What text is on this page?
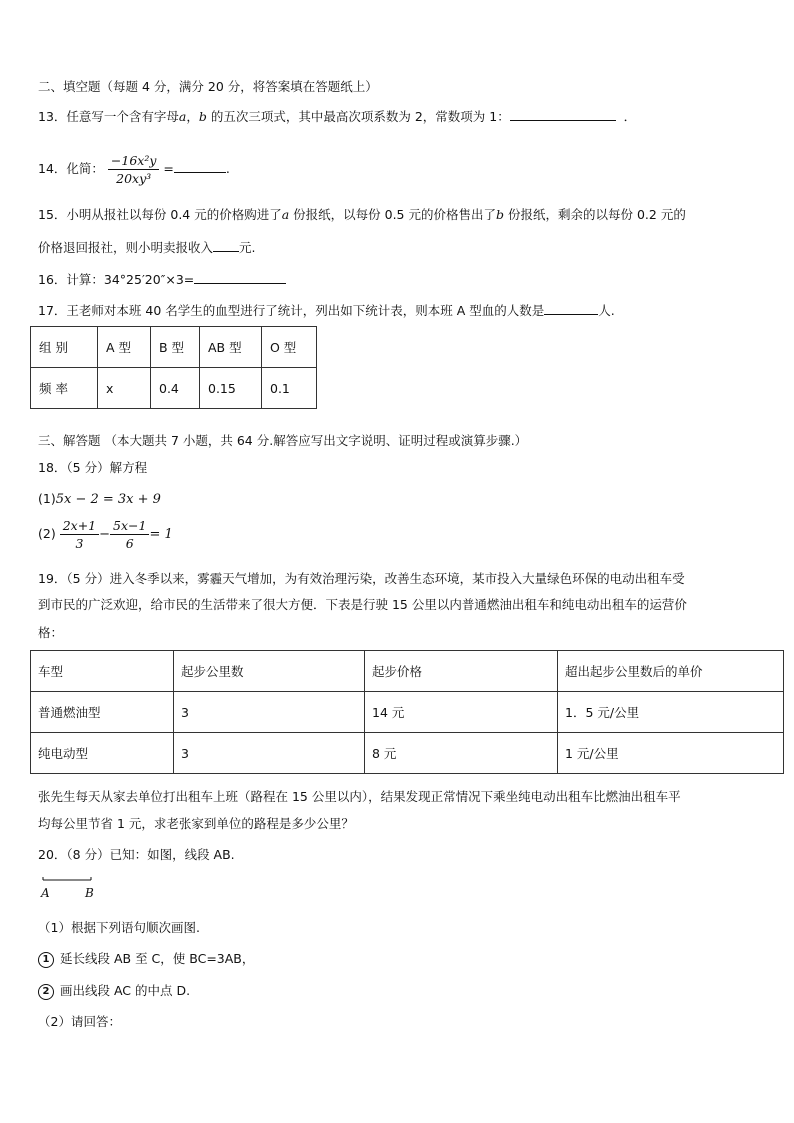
二、填空题（每题 4 分，满分 20 分，将答案填在答题纸上）
13．任意写一个含有字母a，b 的五次三项式，其中最高次项系数为 2，常数项为 1：	．
14．化简： $\frac{\text{−16x²y}}{\text{20xy³}}$ =	.
15．小明从报社以每份 0.4 元的价格购进了a 份报纸，以每份 0.5 元的价格售出了b 份报纸，剩余的以每份 0.2 元的
价格退回报社，则小明卖报收入 元.
16．计算：34°25′20″×3=
17．王老师对本班 40 名学生的血型进行了统计，列出如下统计表，则本班 A 型血的人数是	人.
组 别	A 型	B 型	AB 型	O 型
频 率	x	0.4	0.15	0.1
三、解答题 （本大题共 7 小题，共 64 分.解答应写出文字说明、证明过程或演算步骤.）
18．（5 分）解方程
(1)5x − 2 = 3x + 9
$(2) \frac{2x+1}{3} - \frac{5x-1}{6} = 1$
19．（5 分）进入冬季以来，雾霾天气增加，为有效治理污染，改善生态环境，某市投入大量绿色环保的电动出租车受
到市民的广泛欢迎，给市民的生活带来了很大方便．下表是行驶 15 公里以内普通燃油出租车和纯电动出租车的运营价
格：
车型	起步公里数	起步价格	超出起步公里数后的单价
普通燃油型	3	14 元	1．5 元/公里
纯电动型	3	8 元	1 元/公里
张先生每天从家去单位打出租车上班（路程在 15 公里以内），结果发现正常情况下乘坐纯电动出租车比燃油出租车平
均每公里节省 1 元，求老张家到单位的路程是多少公里？
20．（8 分）已知：如图，线段 AB.
A	B
（1）根据下列语句顺次画图.
1 延长线段 AB 至 C，使 BC=3AB，
2 画出线段 AC 的中点 D.
（2）请回答：
